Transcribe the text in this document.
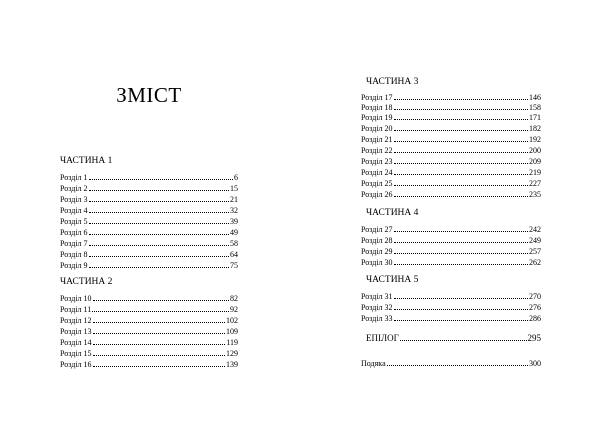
ЗМІСТ
ЧАСТИНА 1
Розділ 1	6
Розділ 2	15
Розділ 3	21
Розділ 4	32
Розділ 5	39
Розділ 6	49
Розділ 7	58
Розділ 8	64
Розділ 9	75
ЧАСТИНА 2
Розділ 10	82
Розділ 11	92
Розділ 12	102
Розділ 13	109
Розділ 14	119
Розділ 15	129
Розділ 16	139
ЧАСТИНА 3
Розділ 17	146
Розділ 18	158
Розділ 19	171
Розділ 20	182
Розділ 21	192
Розділ 22	200
Розділ 23	209
Розділ 24	219
Розділ 25	227
Розділ 26	235
ЧАСТИНА 4
Розділ 27	242
Розділ 28	249
Розділ 29	257
Розділ 30	262
ЧАСТИНА 5
Розділ 31	270
Розділ 32	276
Розділ 33	286
ЕПІЛОГ	295
Подяка	300
